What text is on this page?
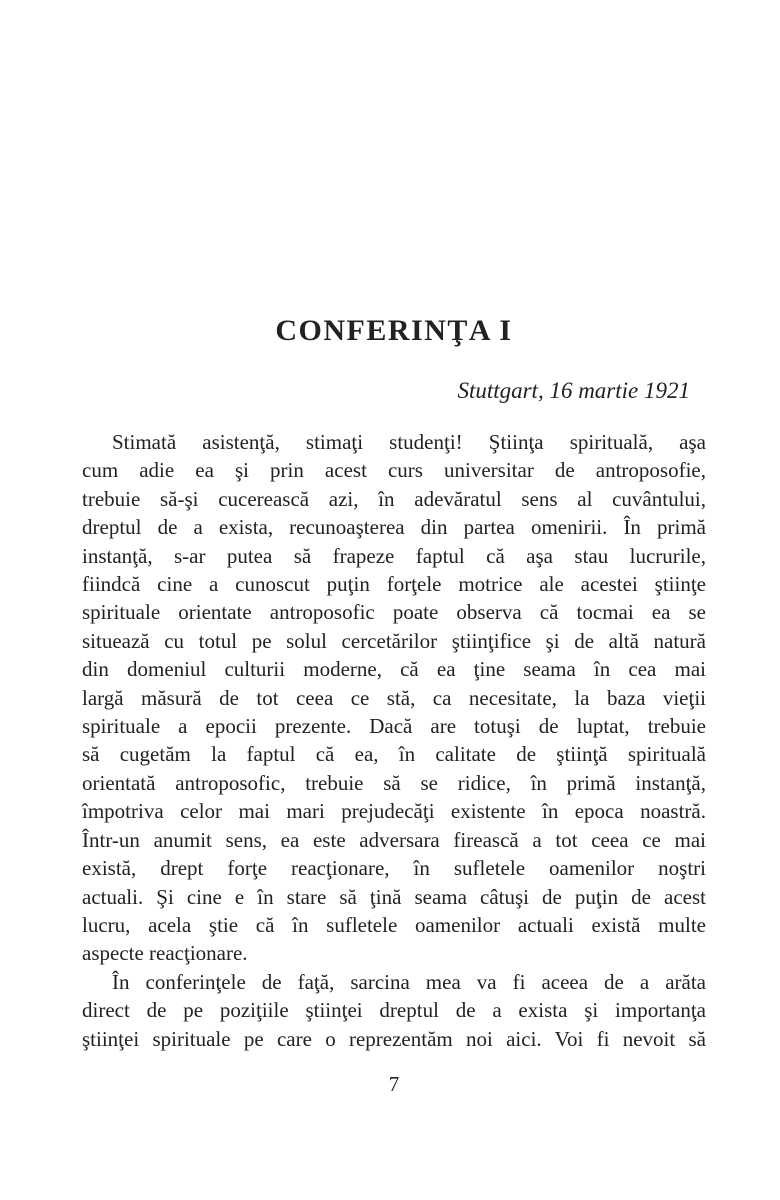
CONFERINŢA I
Stuttgart, 16 martie 1921
Stimată asistenţă, stimaţi studenţi! Ştiinţa spirituală, aşa
cum adie ea şi prin acest curs universitar de antroposofie,
trebuie să-şi cucerească azi, în adevăratul sens al cuvântului,
dreptul de a exista, recunoaşterea din partea omenirii. În primă
instanţă, s-ar putea să frapeze faptul că aşa stau lucrurile,
fiindcă cine a cunoscut puţin forţele motrice ale acestei ştiinţe
spirituale orientate antroposofic poate observa că tocmai ea se
situează cu totul pe solul cercetărilor ştiinţifice şi de altă natură
din domeniul culturii moderne, că ea ţine seama în cea mai
largă măsură de tot ceea ce stă, ca necesitate, la baza vieţii
spirituale a epocii prezente. Dacă are totuşi de luptat, trebuie
să cugetăm la faptul că ea, în calitate de ştiinţă spirituală
orientată antroposofic, trebuie să se ridice, în primă instanţă,
împotriva celor mai mari prejudecăţi existente în epoca noastră.
Într-un anumit sens, ea este adversara firească a tot ceea ce mai
există, drept forţe reacţionare, în sufletele oamenilor noştri
actuali. Şi cine e în stare să ţină seama câtuşi de puţin de acest
lucru, acela ştie că în sufletele oamenilor actuali există multe
aspecte reacţionare.
În conferinţele de faţă, sarcina mea va fi aceea de a arăta
direct de pe poziţiile ştiinţei dreptul de a exista şi importanţa
ştiinţei spirituale pe care o reprezentăm noi aici. Voi fi nevoit să
7
